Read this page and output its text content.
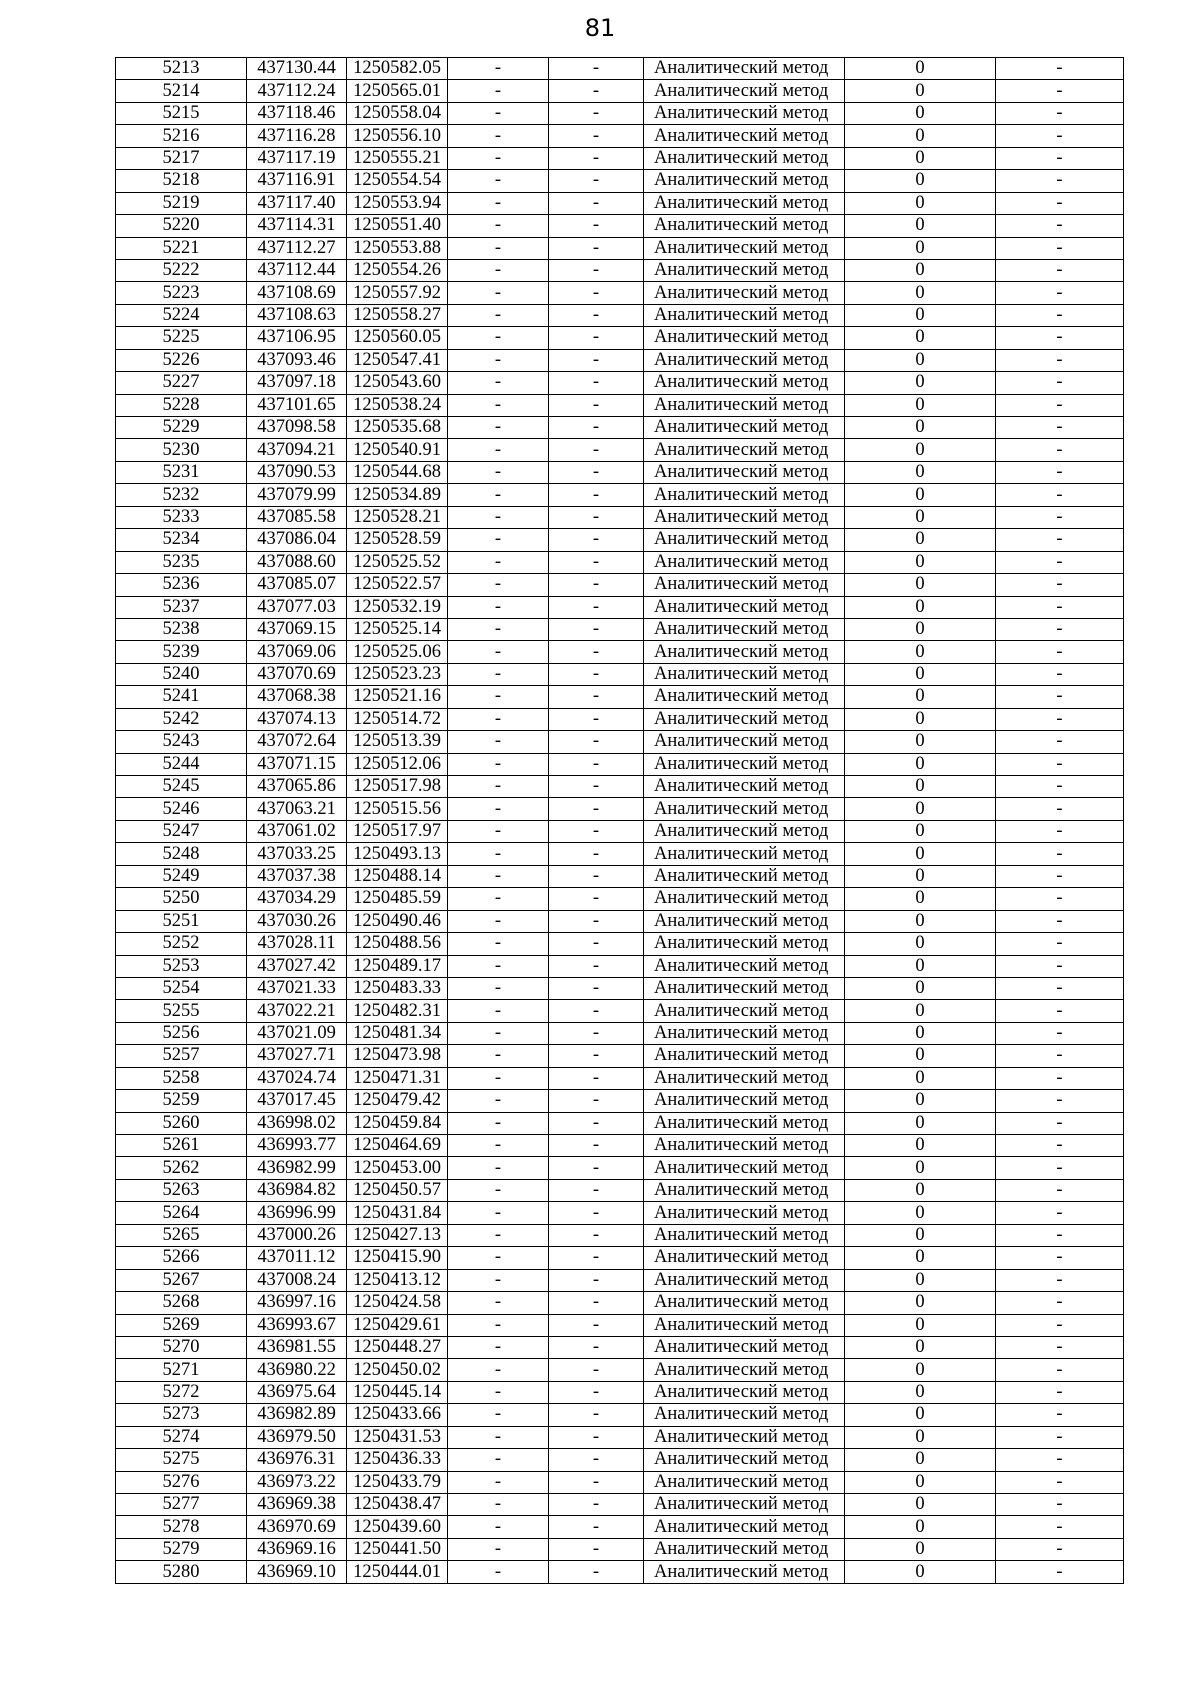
81
5213	437130.44	1250582.05	-	-	Аналитический метод	0	-
5214	437112.24	1250565.01	-	-	Аналитический метод	0	-
5215	437118.46	1250558.04	-	-	Аналитический метод	0	-
5216	437116.28	1250556.10	-	-	Аналитический метод	0	-
5217	437117.19	1250555.21	-	-	Аналитический метод	0	-
5218	437116.91	1250554.54	-	-	Аналитический метод	0	-
5219	437117.40	1250553.94	-	-	Аналитический метод	0	-
5220	437114.31	1250551.40	-	-	Аналитический метод	0	-
5221	437112.27	1250553.88	-	-	Аналитический метод	0	-
5222	437112.44	1250554.26	-	-	Аналитический метод	0	-
5223	437108.69	1250557.92	-	-	Аналитический метод	0	-
5224	437108.63	1250558.27	-	-	Аналитический метод	0	-
5225	437106.95	1250560.05	-	-	Аналитический метод	0	-
5226	437093.46	1250547.41	-	-	Аналитический метод	0	-
5227	437097.18	1250543.60	-	-	Аналитический метод	0	-
5228	437101.65	1250538.24	-	-	Аналитический метод	0	-
5229	437098.58	1250535.68	-	-	Аналитический метод	0	-
5230	437094.21	1250540.91	-	-	Аналитический метод	0	-
5231	437090.53	1250544.68	-	-	Аналитический метод	0	-
5232	437079.99	1250534.89	-	-	Аналитический метод	0	-
5233	437085.58	1250528.21	-	-	Аналитический метод	0	-
5234	437086.04	1250528.59	-	-	Аналитический метод	0	-
5235	437088.60	1250525.52	-	-	Аналитический метод	0	-
5236	437085.07	1250522.57	-	-	Аналитический метод	0	-
5237	437077.03	1250532.19	-	-	Аналитический метод	0	-
5238	437069.15	1250525.14	-	-	Аналитический метод	0	-
5239	437069.06	1250525.06	-	-	Аналитический метод	0	-
5240	437070.69	1250523.23	-	-	Аналитический метод	0	-
5241	437068.38	1250521.16	-	-	Аналитический метод	0	-
5242	437074.13	1250514.72	-	-	Аналитический метод	0	-
5243	437072.64	1250513.39	-	-	Аналитический метод	0	-
5244	437071.15	1250512.06	-	-	Аналитический метод	0	-
5245	437065.86	1250517.98	-	-	Аналитический метод	0	-
5246	437063.21	1250515.56	-	-	Аналитический метод	0	-
5247	437061.02	1250517.97	-	-	Аналитический метод	0	-
5248	437033.25	1250493.13	-	-	Аналитический метод	0	-
5249	437037.38	1250488.14	-	-	Аналитический метод	0	-
5250	437034.29	1250485.59	-	-	Аналитический метод	0	-
5251	437030.26	1250490.46	-	-	Аналитический метод	0	-
5252	437028.11	1250488.56	-	-	Аналитический метод	0	-
5253	437027.42	1250489.17	-	-	Аналитический метод	0	-
5254	437021.33	1250483.33	-	-	Аналитический метод	0	-
5255	437022.21	1250482.31	-	-	Аналитический метод	0	-
5256	437021.09	1250481.34	-	-	Аналитический метод	0	-
5257	437027.71	1250473.98	-	-	Аналитический метод	0	-
5258	437024.74	1250471.31	-	-	Аналитический метод	0	-
5259	437017.45	1250479.42	-	-	Аналитический метод	0	-
5260	436998.02	1250459.84	-	-	Аналитический метод	0	-
5261	436993.77	1250464.69	-	-	Аналитический метод	0	-
5262	436982.99	1250453.00	-	-	Аналитический метод	0	-
5263	436984.82	1250450.57	-	-	Аналитический метод	0	-
5264	436996.99	1250431.84	-	-	Аналитический метод	0	-
5265	437000.26	1250427.13	-	-	Аналитический метод	0	-
5266	437011.12	1250415.90	-	-	Аналитический метод	0	-
5267	437008.24	1250413.12	-	-	Аналитический метод	0	-
5268	436997.16	1250424.58	-	-	Аналитический метод	0	-
5269	436993.67	1250429.61	-	-	Аналитический метод	0	-
5270	436981.55	1250448.27	-	-	Аналитический метод	0	-
5271	436980.22	1250450.02	-	-	Аналитический метод	0	-
5272	436975.64	1250445.14	-	-	Аналитический метод	0	-
5273	436982.89	1250433.66	-	-	Аналитический метод	0	-
5274	436979.50	1250431.53	-	-	Аналитический метод	0	-
5275	436976.31	1250436.33	-	-	Аналитический метод	0	-
5276	436973.22	1250433.79	-	-	Аналитический метод	0	-
5277	436969.38	1250438.47	-	-	Аналитический метод	0	-
5278	436970.69	1250439.60	-	-	Аналитический метод	0	-
5279	436969.16	1250441.50	-	-	Аналитический метод	0	-
5280	436969.10	1250444.01	-	-	Аналитический метод	0	-
